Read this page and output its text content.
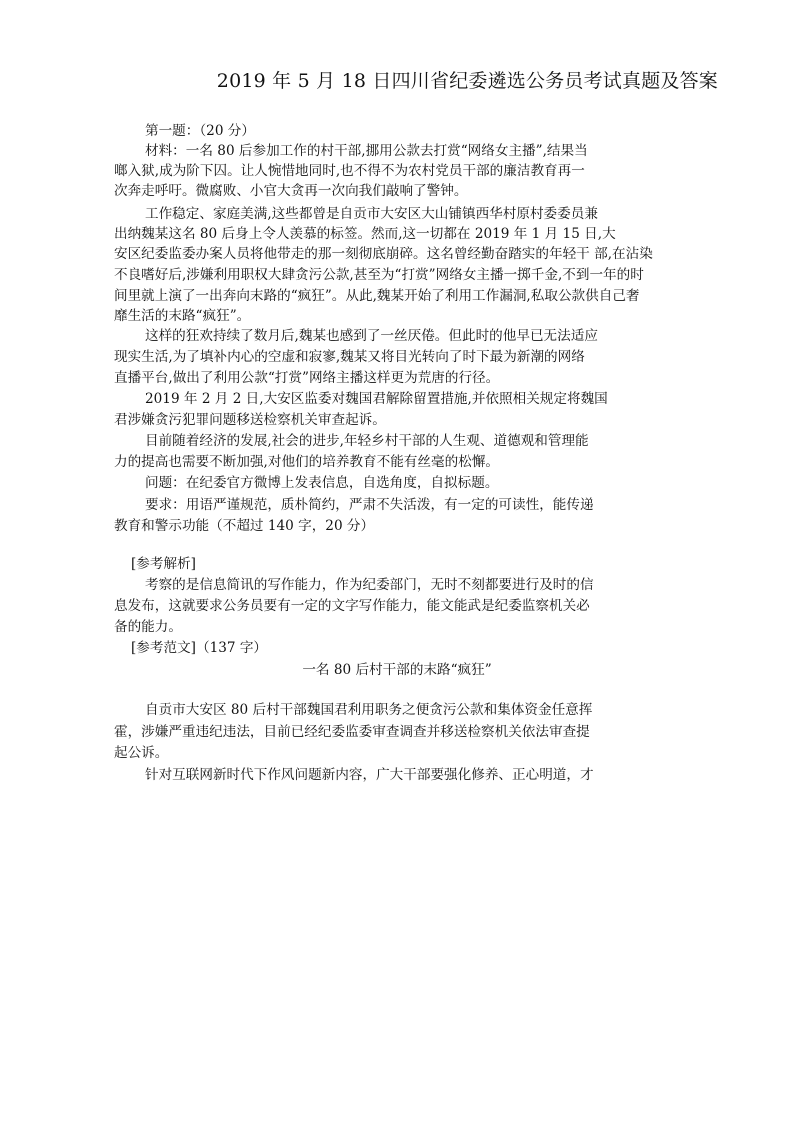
2019 年 5 月 18 日四川省纪委遴选公务员考试真题及答案
第一题：（20 分）
材料：一名 80 后参加工作的村干部,挪用公款去打赏“网络女主播”,结果当
啷入狱,成为阶下囚。让人惋惜地同时,也不得不为农村党员干部的廉洁教育再一
次奔走呼吁。微腐败、小官大贪再一次向我们敲响了警钟。
工作稳定、家庭美满,这些都曾是自贡市大安区大山铺镇西华村原村委委员兼
出纳魏某这名 80 后身上令人羡慕的标签。然而,这一切都在 2019 年 1 月 15 日,大
安区纪委监委办案人员将他带走的那一刻彻底崩碎。这名曾经勤奋踏实的年轻干 部,在沾染
不良嗜好后,涉嫌利用职权大肆贪污公款,甚至为“打赏”网络女主播一掷千金,不到一年的时
间里就上演了一出奔向末路的“疯狂”。从此,魏某开始了利用工作漏洞,私取公款供自己奢
靡生活的末路“疯狂”。
这样的狂欢持续了数月后,魏某也感到了一丝厌倦。但此时的他早已无法适应
现实生活,为了填补内心的空虚和寂寥,魏某又将目光转向了时下最为新潮的网络
直播平台,做出了利用公款“打赏”网络主播这样更为荒唐的行径。
2019 年 2 月 2 日,大安区监委对魏国君解除留置措施,并依照相关规定将魏国
君涉嫌贪污犯罪问题移送检察机关审查起诉。
目前随着经济的发展,社会的进步,年轻乡村干部的人生观、道德观和管理能
力的提高也需要不断加强,对他们的培养教育不能有丝毫的松懈。
问题：在纪委官方微博上发表信息，自选角度，自拟标题。
要求：用语严谨规范，质朴简约，严肃不失活泼，有一定的可读性，能传递
教育和警示功能（不超过 140 字，20 分）
[参考解析]
考察的是信息简讯的写作能力，作为纪委部门，无时不刻都要进行及时的信
息发布，这就要求公务员要有一定的文字写作能力，能文能武是纪委监察机关必
备的能力。
[参考范文]（137 字）
一名 80 后村干部的末路“疯狂”
自贡市大安区 80 后村干部魏国君利用职务之便贪污公款和集体资金任意挥
霍，涉嫌严重违纪违法，目前已经纪委监委审查调查并移送检察机关依法审查提
起公诉。
针对互联网新时代下作风问题新内容，广大干部要强化修养、正心明道，才
